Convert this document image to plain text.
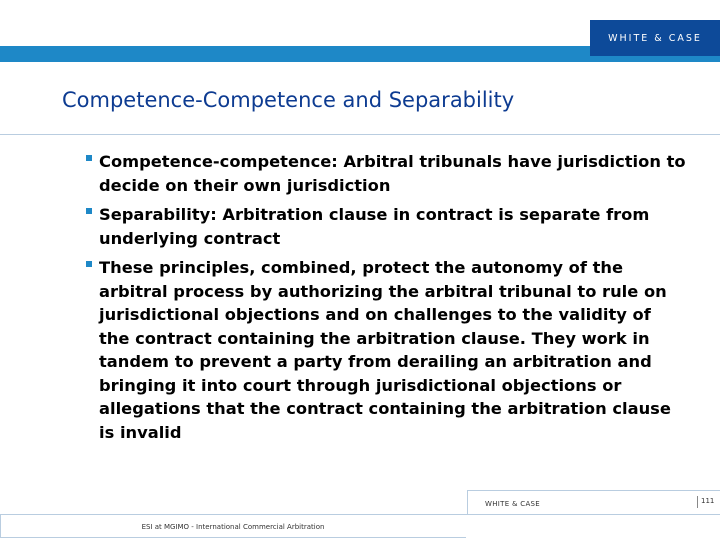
WHITE & CASE
Competence-Competence and Separability
Competence-competence: Arbitral tribunals have jurisdiction to decide on their own jurisdiction
Separability: Arbitration clause in contract is separate from underlying contract
These principles, combined, protect the autonomy of the arbitral process by authorizing the arbitral tribunal to rule on jurisdictional objections and on challenges to the validity of the contract containing the arbitration clause. They work in tandem to prevent a party from derailing an arbitration and bringing it into court through jurisdictional objections or allegations that the contract containing the arbitration clause is invalid
WHITE & CASE	111
ESI at MGIMO - International Commercial Arbitration
